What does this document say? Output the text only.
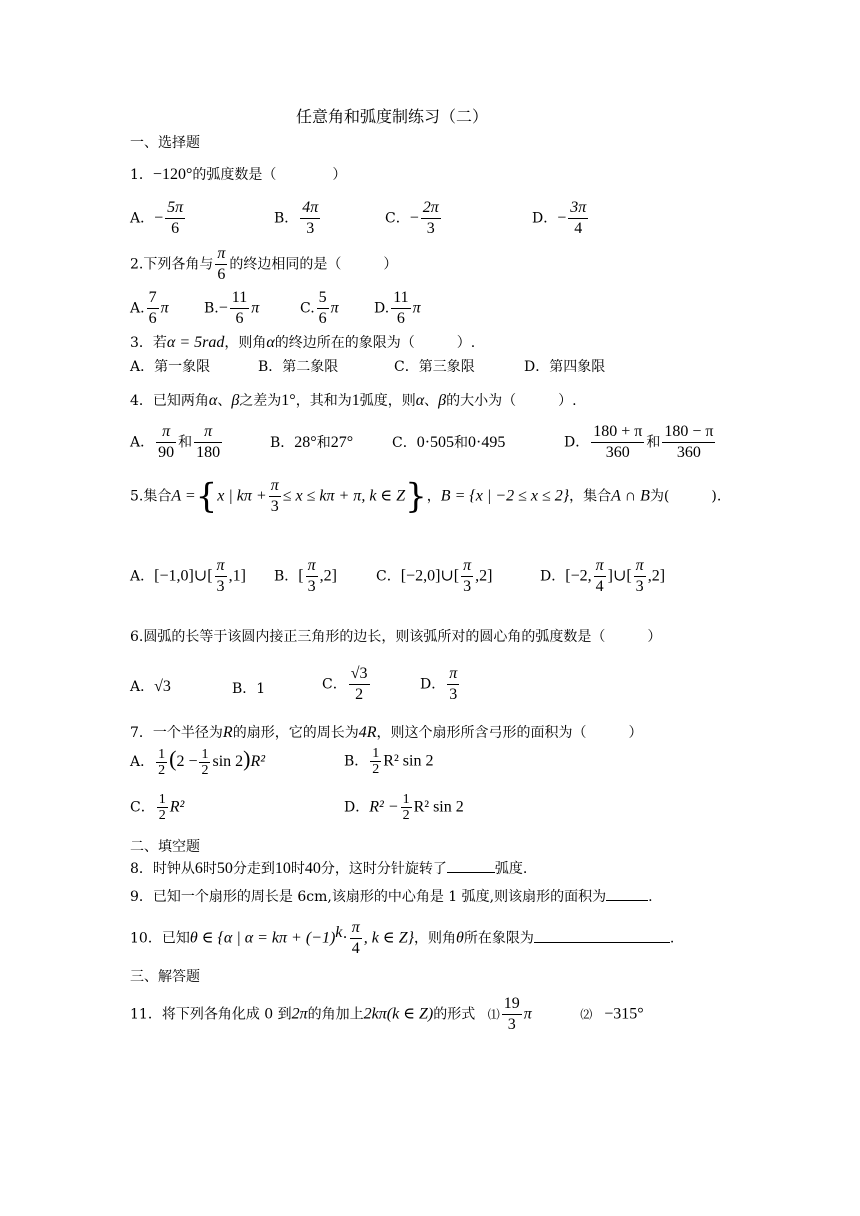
任意角和弧度制练习（二）
一、选择题
1．−120°的弧度数是（　　　　）
A．− $\frac{5\pi}{6}$	B． $\frac{4\pi}{3}$	C．− $\frac{2\pi}{3}$	D．− $\frac{3\pi}{4}$
2.下列各角与 $\frac{\pi}{6}$ 的终边相同的是（　　　）
A. $\frac{7}{6}$ π	$B.- \frac{11}{6}$ π	C. $\frac{5}{6}$ π	D. $\frac{11}{6}$ π
3．若α = 5rad，则角α的终边所在的象限为（　　　）.
A．第一象限	B．第二象限	C．第三象限	D．第四象限
4．已知两角α、β之差为1°，其和为1弧度，则α、β的大小为（　　　）.
A． $\frac{\pi}{90}$ 和 $\frac{\pi}{180}$	B．28°和27°	C．0·505和0·495	D． $\frac{180 + \pi}{360}$ 和 $\frac{180 - \pi}{360}$
5.集合A ={x | $k\pi + \frac{\pi}{3} \le x \le k\pi + \pi$, k ∈ Z}，B = {x | −2 ≤ x ≤ 2}，集合A ∩ B为(　　　).
A．[−1,0]∪[ $\frac{\pi}{3} ,1$] B．[ $\frac{\pi}{3} ,2$]	C．[−2,0]∪[ $\frac{\pi}{3} ,2$]	D．[−2, $\frac{\pi}{4}$ ]∪[ $\frac{\pi}{3} ,2$]
6.圆弧的长等于该圆内接正三角形的边长，则该弧所对的圆心角的弧度数是（　　　）
A．√3	B．1	C． $\frac{√3}{2}$	D． $\frac{\pi}{3}$
7．一个半径为R的扇形，它的周长为4R，则这个扇形所含弓形的面积为（　　　）
A． $\frac{1}{2} (2 - \frac{1}{2}$ sin 2)R²	B． $\frac{1}{2} R^2$ sin 2
C． $\frac{1}{2} R^2$	D．$R^2 - \frac{1}{2} R^2$ sin 2
二、填空题
8．时钟从6时50分走到10时40分，这时分针旋转了	弧度.
9．已知一个扇形的周长是 6cm,该扇形的中心角是 1 弧度,则该扇形的面积为	.
10．已知θ ∈ {α | $\alpha = k\pi + (-1)^k\cdot \frac{\pi}{4}$ , k ∈ Z}，则角θ所在象限为	.
三、解答题
11．将下列各角化成 0 到2π的角加上2kπ(k ∈ Z)的形式 ⑴ $\frac{19}{3}$ π	⑵ −315°
